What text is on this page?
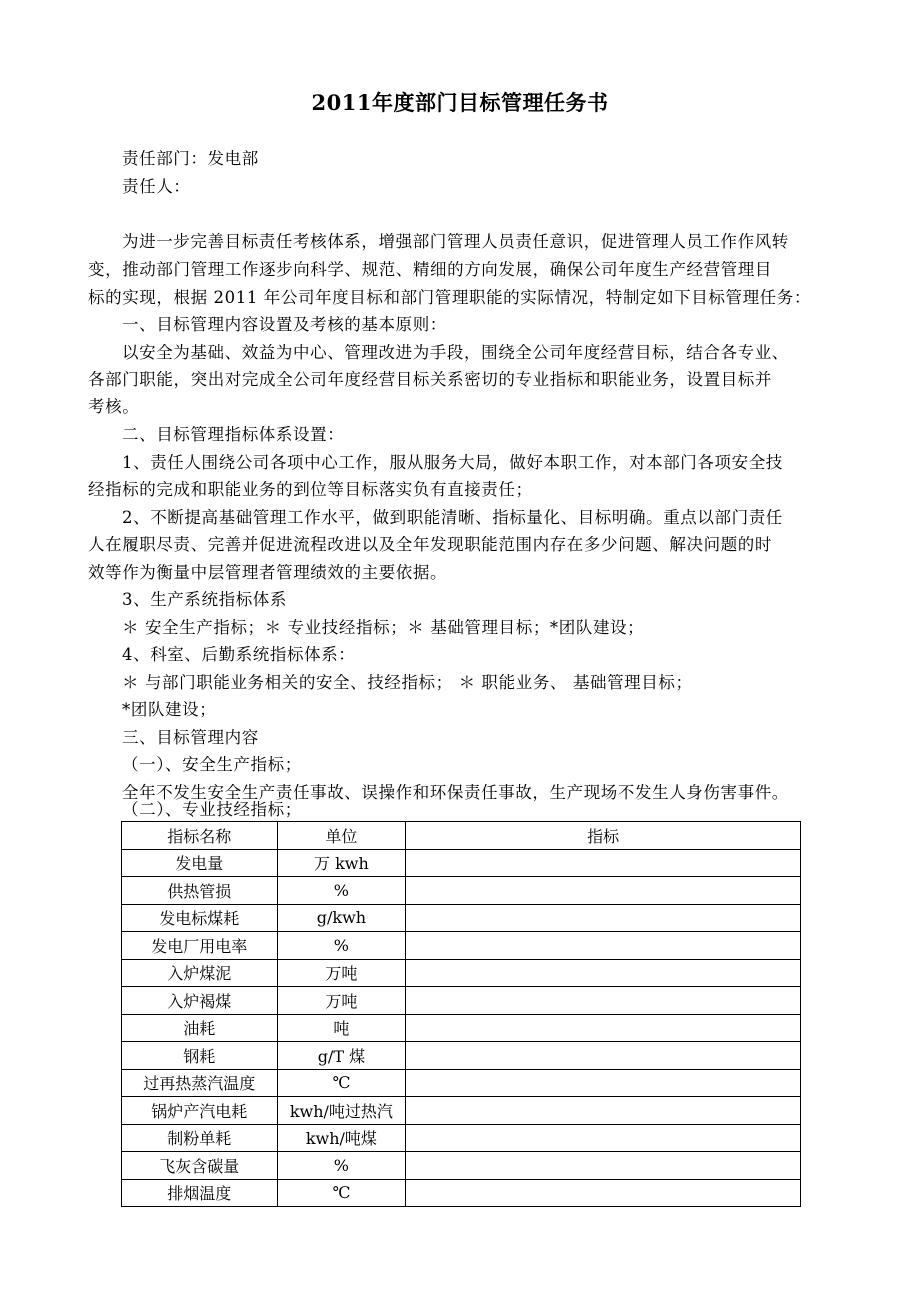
2011年度部门目标管理任务书
责任部门：发电部
责任人：
为进一步完善目标责任考核体系，增强部门管理人员责任意识，促进管理人员工作作风转
变，推动部门管理工作逐步向科学、规范、精细的方向发展，确保公司年度生产经营管理目
标的实现，根据 2011 年公司年度目标和部门管理职能的实际情况，特制定如下目标管理任务：
一、目标管理内容设置及考核的基本原则：
以安全为基础、效益为中心、管理改进为手段，围绕全公司年度经营目标，结合各专业、
各部门职能，突出对完成全公司年度经营目标关系密切的专业指标和职能业务，设置目标并
考核。
二、目标管理指标体系设置：
1、责任人围绕公司各项中心工作，服从服务大局，做好本职工作，对本部门各项安全技
经指标的完成和职能业务的到位等目标落实负有直接责任；
2、不断提高基础管理工作水平，做到职能清晰、指标量化、目标明确。重点以部门责任
人在履职尽责、完善并促进流程改进以及全年发现职能范围内存在多少问题、解决问题的时
效等作为衡量中层管理者管理绩效的主要依据。
3、生产系统指标体系
＊ 安全生产指标；＊ 专业技经指标；＊ 基础管理目标；*团队建设；
4、科室、后勤系统指标体系：
＊ 与部门职能业务相关的安全、技经指标； ＊ 职能业务、 基础管理目标；
*团队建设；
三、目标管理内容
（一）、安全生产指标；
全年不发生安全生产责任事故、误操作和环保责任事故，生产现场不发生人身伤害事件。
（二）、专业技经指标；
指标名称	单位	指标
发电量	万 kwh	
供热管损	%	
发电标煤耗	g/kwh	
发电厂用电率	%	
入炉煤泥	万吨	
入炉褐煤	万吨	
油耗	吨	
钢耗	g/T 煤	
过再热蒸汽温度	℃	
锅炉产汽电耗	kwh/吨过热汽	
制粉单耗	kwh/吨煤	
飞灰含碳量	%	
排烟温度	℃	
